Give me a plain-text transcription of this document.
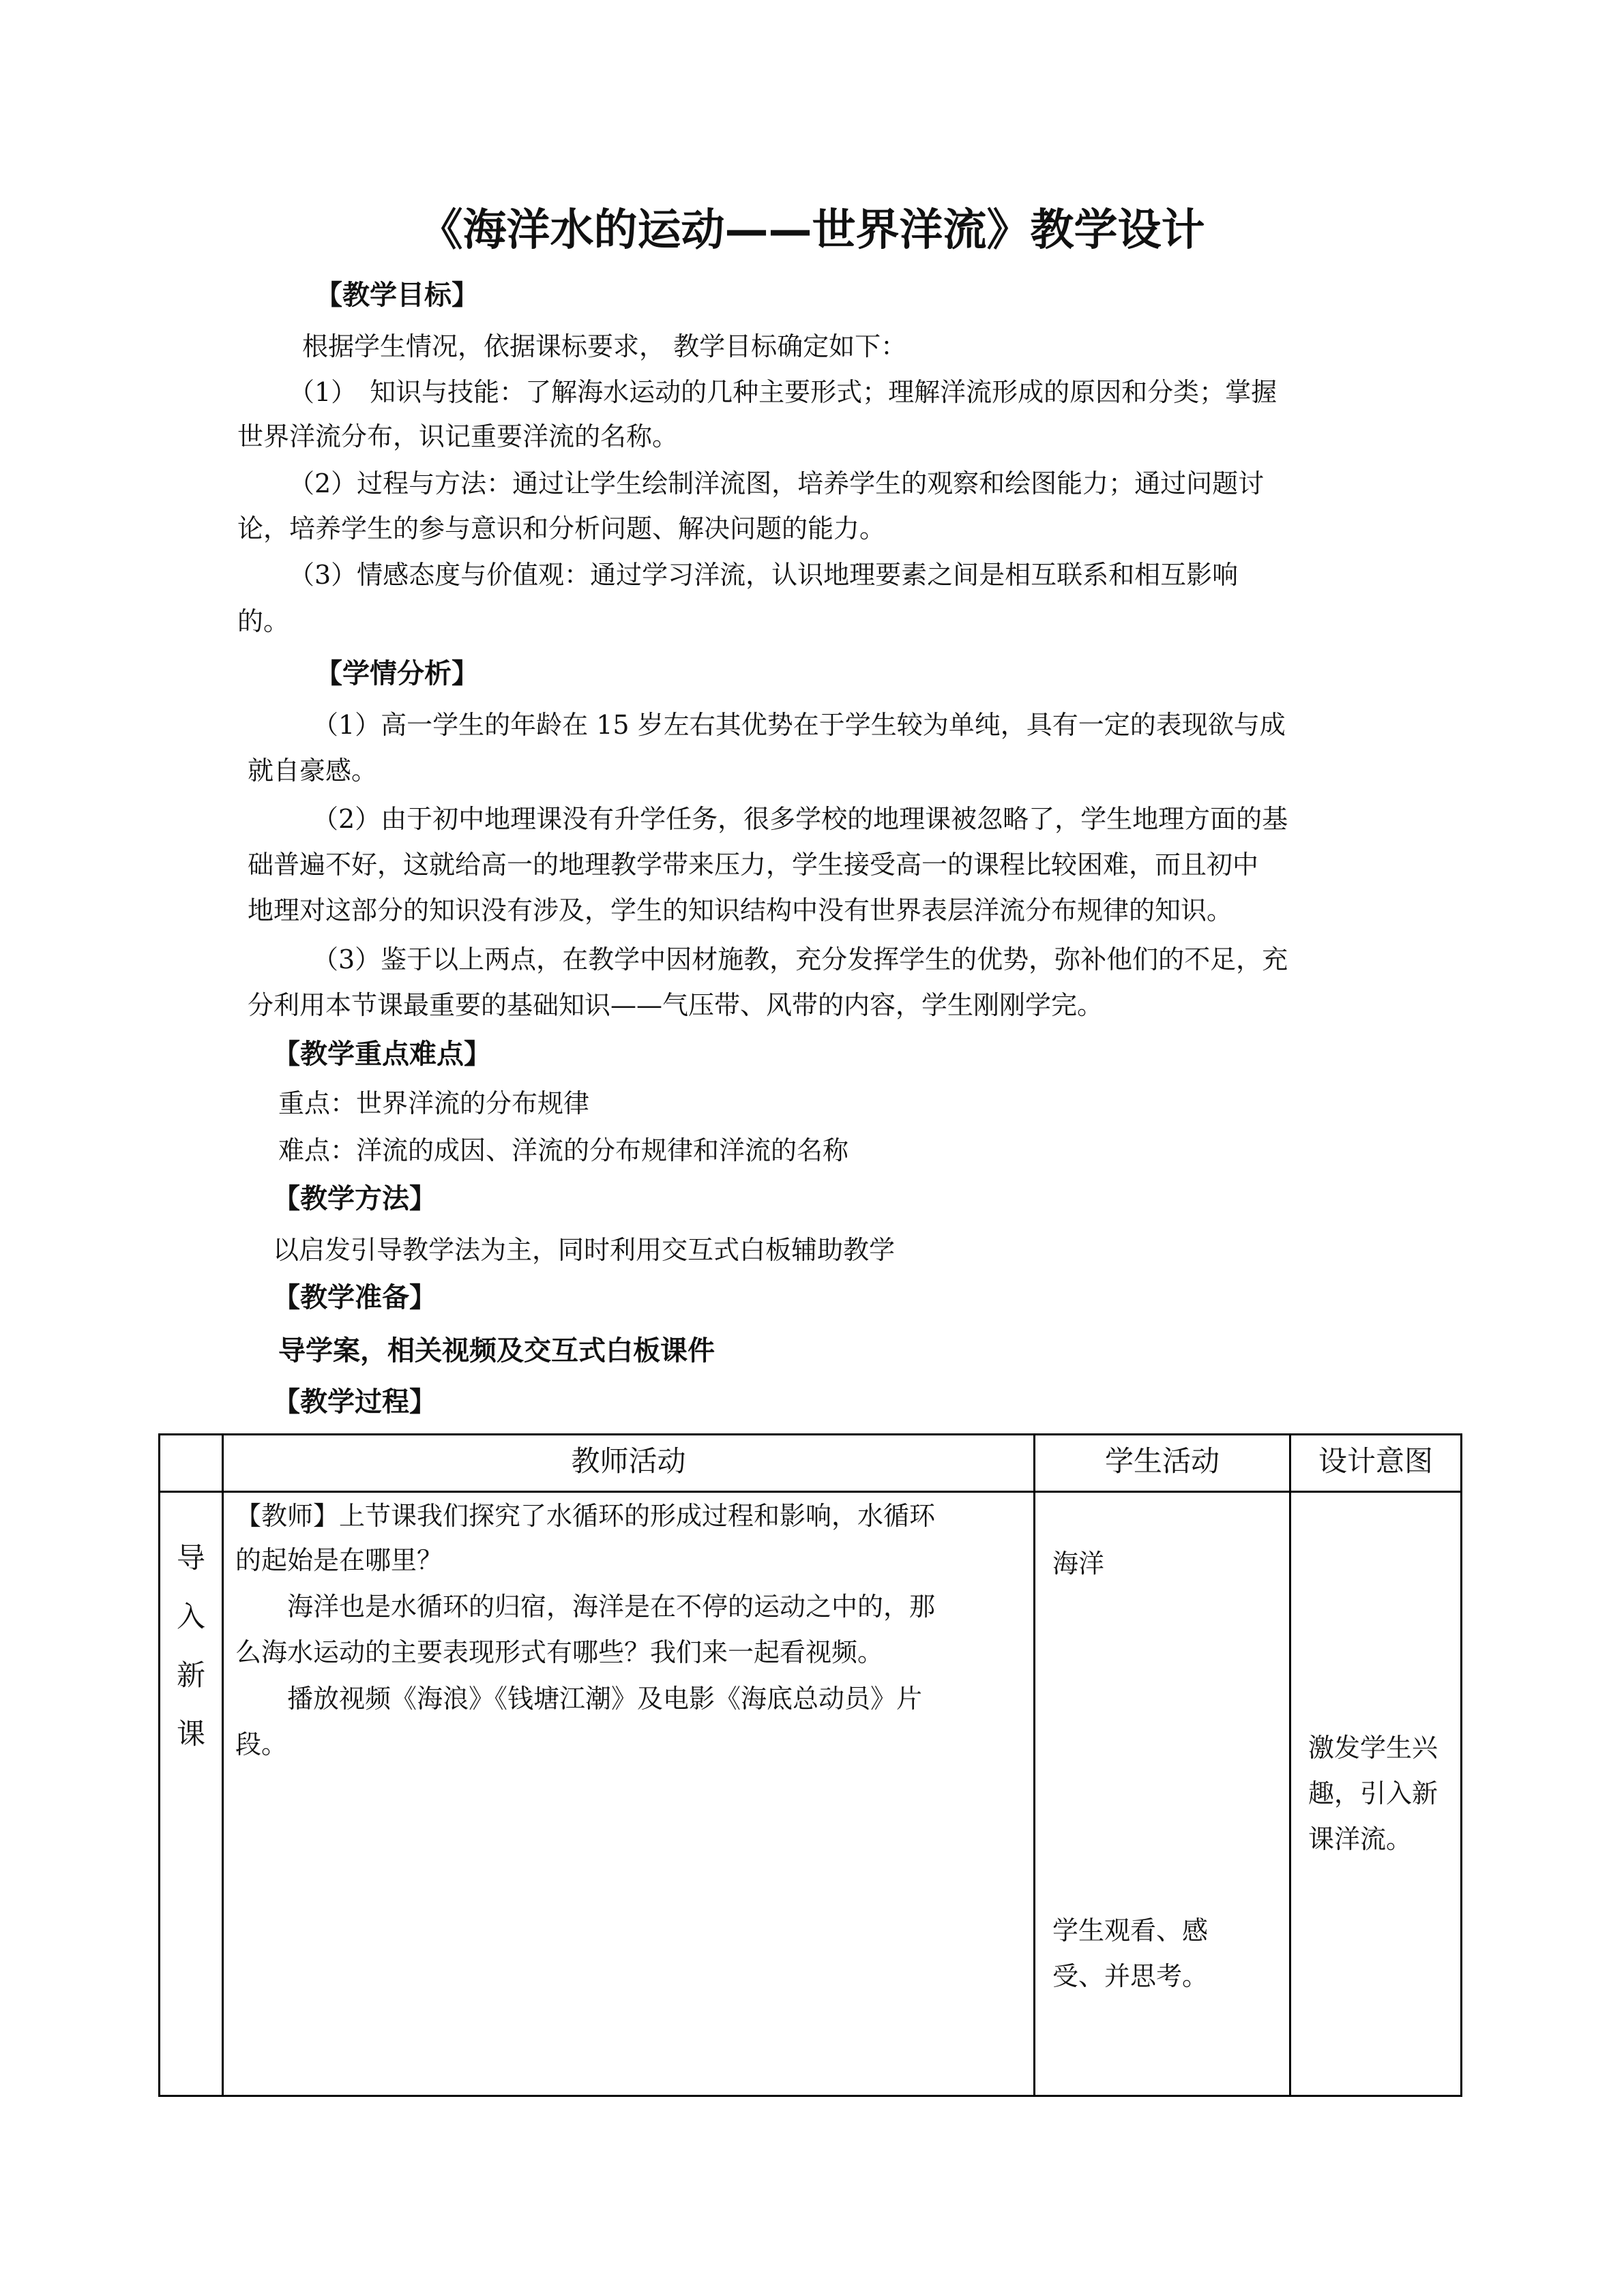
《海洋水的运动——世界洋流》教学设计
【教学目标】
根据学生情况，依据课标要求， 教学目标确定如下：
（1）　知识与技能：了解海水运动的几种主要形式；理解洋流形成的原因和分类；掌握
世界洋流分布，识记重要洋流的名称。
（2）过程与方法：通过让学生绘制洋流图，培养学生的观察和绘图能力；通过问题讨
论，培养学生的参与意识和分析问题、解决问题的能力。
（3）情感态度与价值观：通过学习洋流，认识地理要素之间是相互联系和相互影响
的。
【学情分析】
（1）高一学生的年龄在 15 岁左右其优势在于学生较为单纯，具有一定的表现欲与成
就自豪感。
（2）由于初中地理课没有升学任务，很多学校的地理课被忽略了，学生地理方面的基
础普遍不好，这就给高一的地理教学带来压力，学生接受高一的课程比较困难，而且初中
地理对这部分的知识没有涉及，学生的知识结构中没有世界表层洋流分布规律的知识。
（3）鉴于以上两点，在教学中因材施教，充分发挥学生的优势，弥补他们的不足，充
分利用本节课最重要的基础知识——气压带、风带的内容，学生刚刚学完。
【教学重点难点】
重点：世界洋流的分布规律
难点：洋流的成因、洋流的分布规律和洋流的名称
【教学方法】
以启发引导教学法为主，同时利用交互式白板辅助教学
【教学准备】
导学案，相关视频及交互式白板课件
【教学过程】
教师活动	学生活动	设计意图
导入新课
【教师】上节课我们探究了水循环的形成过程和影响，水循环
的起始是在哪里？
　　海洋也是水循环的归宿，海洋是在不停的运动之中的，那
么海水运动的主要表现形式有哪些？我们来一起看视频。
　　播放视频《海浪》《钱塘江潮》及电影《海底总动员》片
段。
海洋
学生观看、感
受、并思考。
激发学生兴
趣，引入新
课洋流。
